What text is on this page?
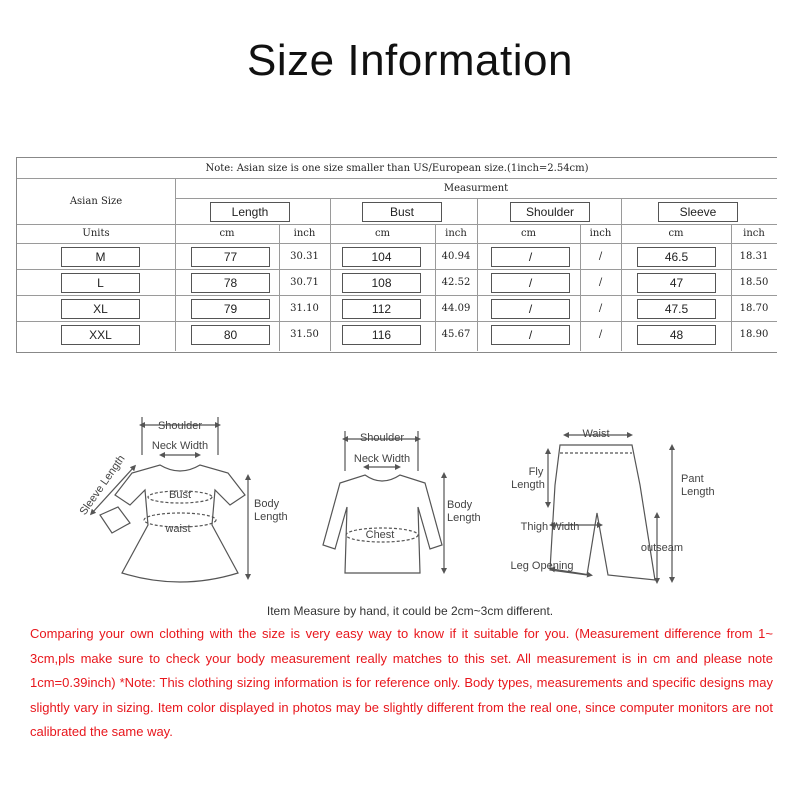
Size Information
Note: Asian size is one size smaller than US/European size.(1inch=2.54cm)
Asian Size
Measurment
Length	Bust	Shoulder	Sleeve
Units	cm	inch	cm	inch	cm	inch	cm	inch
M	77	30.31	104	40.94	/	/	46.5	18.31
L	78	30.71	108	42.52	/	/	47	18.50
XL	79	31.10	112	44.09	/	/	47.5	18.70
XXL	80	31.50	116	45.67	/	/	48	18.90
Shoulder
Neck Width
Sleeve Length	Bust
waist
Body
Length
Shoulder
Neck Width
Chest
Body
Length
Waist
Fly
Length	Pant
Length
Thigh Width
outseam
Leg Opening
Item Measure by hand, it could be 2cm~3cm different.
Comparing your own clothing with the size is very easy way to know if it suitable for you. (Measurement difference from 1~ 3cm,pls make sure to check your body measurement really matches to this set. All measurement is in cm and please note 1cm=0.39inch) *Note: This clothing sizing information is for reference only. Body types, measurements and specific designs may slightly vary in sizing. Item color displayed in photos may be slightly different from the real one, since computer monitors are not calibrated the same way.
